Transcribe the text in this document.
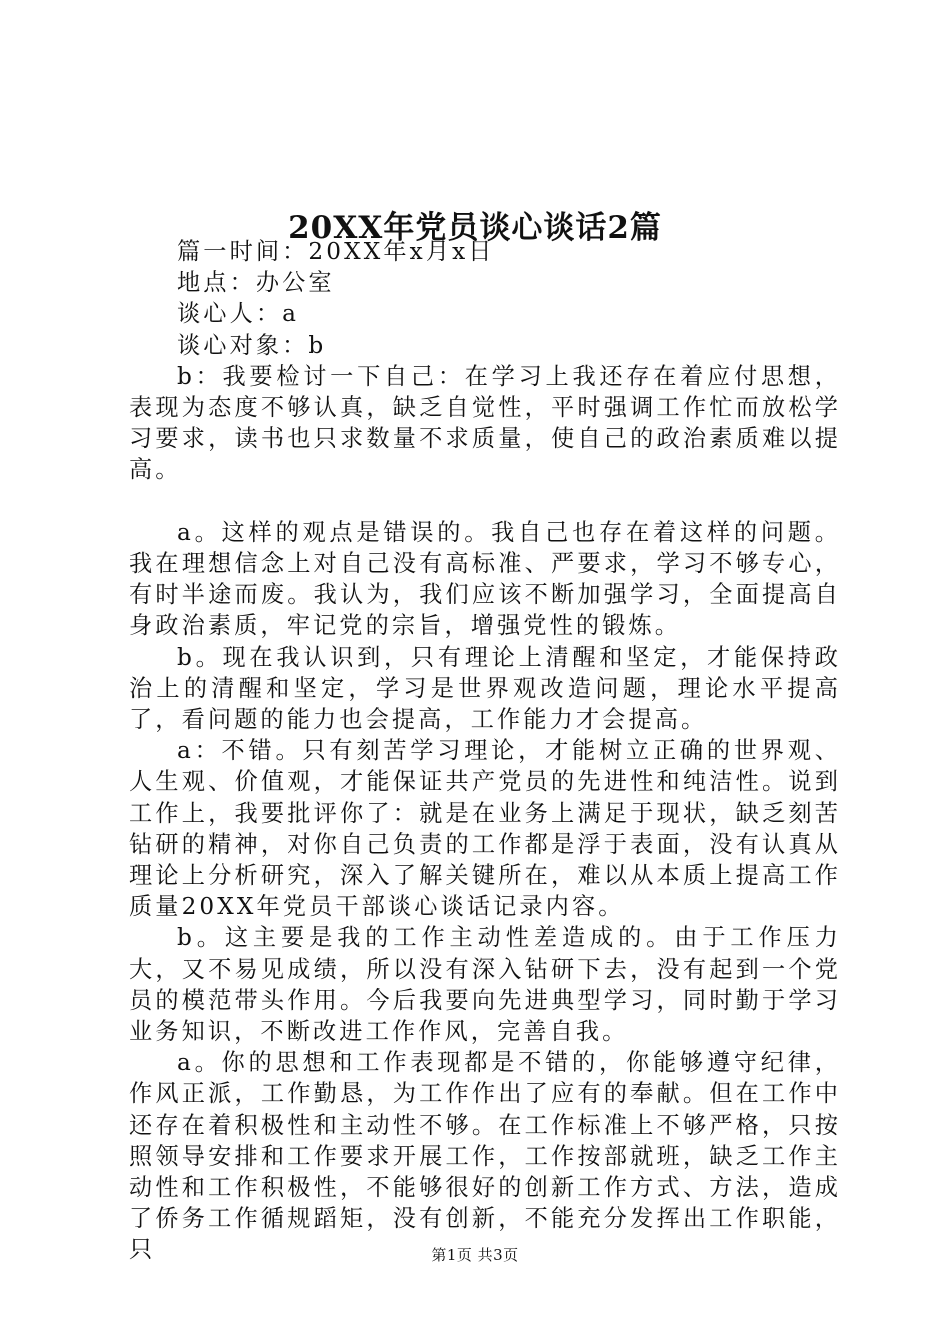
20XX年党员谈心谈话2篇

篇一时间：20XX年x月x日

地点：办公室

谈心人：a

谈心对象：b

b：我要检讨一下自己：在学习上我还存在着应付思想，表现为态度不够认真，缺乏自觉性，平时强调工作忙而放松学习要求，读书也只求数量不求质量，使自己的政治素质难以提高。

a。这样的观点是错误的。我自己也存在着这样的问题。我在理想信念上对自己没有高标准、严要求，学习不够专心，有时半途而废。我认为，我们应该不断加强学习，全面提高自身政治素质，牢记党的宗旨，增强党性的锻炼。

b。现在我认识到，只有理论上清醒和坚定，才能保持政治上的清醒和坚定，学习是世界观改造问题，理论水平提高了，看问题的能力也会提高，工作能力才会提高。

a：不错。只有刻苦学习理论，才能树立正确的世界观、人生观、价值观，才能保证共产党员的先进性和纯洁性。说到工作上，我要批评你了：就是在业务上满足于现状，缺乏刻苦钻研的精神，对你自己负责的工作都是浮于表面，没有认真从理论上分析研究，深入了解关键所在，难以从本质上提高工作质量20XX年党员干部谈心谈话记录内容。

b。这主要是我的工作主动性差造成的。由于工作压力大，又不易见成绩，所以没有深入钻研下去，没有起到一个党员的模范带头作用。今后我要向先进典型学习，同时勤于学习业务知识，不断改进工作作风，完善自我。

a。你的思想和工作表现都是不错的，你能够遵守纪律，作风正派，工作勤恳，为工作作出了应有的奉献。但在工作中还存在着积极性和主动性不够。在工作标准上不够严格，只按照领导安排和工作要求开展工作，工作按部就班，缺乏工作主动性和工作积极性，不能够很好的创新工作方式、方法，造成了侨务工作循规蹈矩，没有创新，不能充分发挥出工作职能，只	第1页 共3页
